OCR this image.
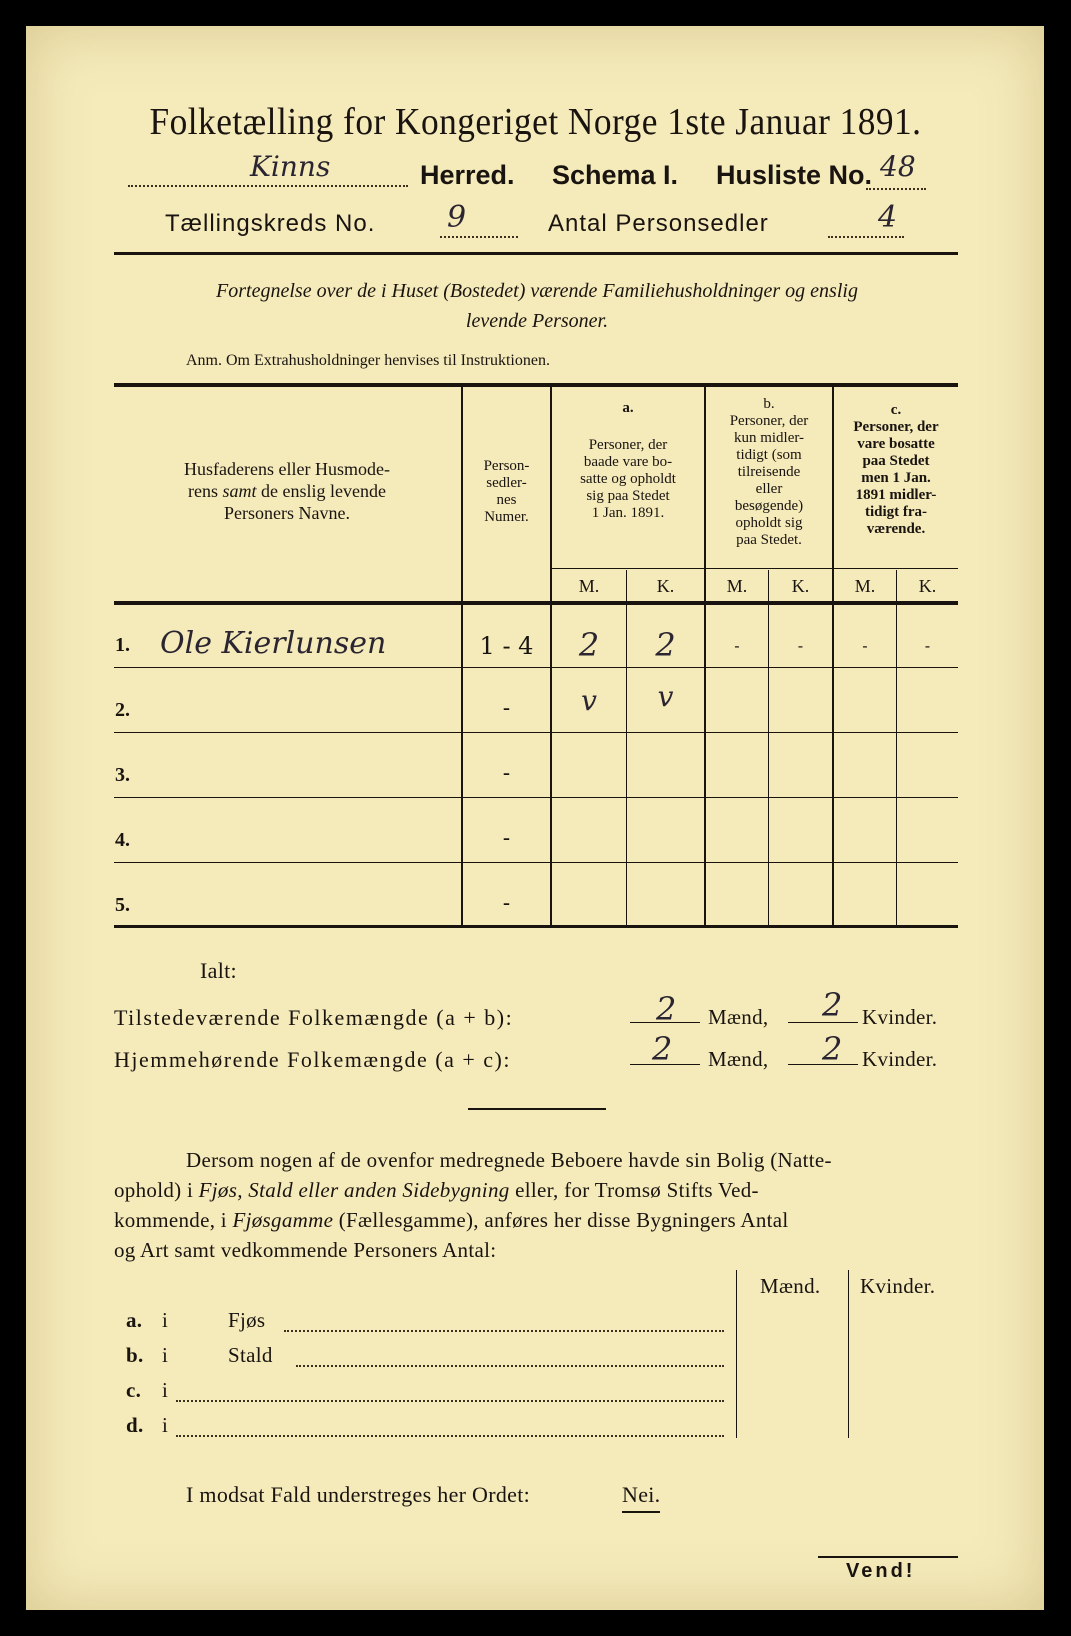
Folketælling for Kongeriget Norge 1ste Januar 1891.
Kinns	Herred. Schema I. Husliste No. 48
Tællingskreds No. 9	Antal Personsedler	4
Fortegnelse over de i Huset (Bostedet) værende Familiehusholdninger og enslig
levende Personer.
Anm. Om Extrahusholdninger henvises til Instruktionen.
Husfaderens eller Husmode-
rens samt de enslig levende
Personers Navne.
Person-
sedler-
nes
Numer.
a.
Personer, der
baade vare bo-
satte og opholdt
sig paa Stedet
1 Jan. 1891.
b.
Personer, der
kun midler-
tidigt (som
tilreisende
eller
besøgende)
opholdt sig
paa Stedet.
c.
Personer, der
vare bosatte
paa Stedet
men 1 Jan.
1891 midler-
tidigt fra-
værende.
M.	K.	M.	K.	M.	K.
1. Ole Kierlunsen	1 - 4	2	2	-	-	-	-
2.	-	v	v
3.	-
4.	-
5.	-
Ialt:
Tilstedeværende Folkemængde (a + b):	2 Mænd, 2 Kvinder.
Hjemmehørende Folkemængde (a + c):	2 Mænd, 2 Kvinder.
Dersom nogen af de ovenfor medregnede Beboere havde sin Bolig (Natte-
ophold) i Fjøs, Stald eller anden Sidebygning eller, for Tromsø Stifts Ved-
kommende, i Fjøsgamme (Fællesgamme), anføres her disse Bygningers Antal
og Art samt vedkommende Personers Antal:
Mænd. Kvinder.
a. i	Fjøs
b. i	Stald
c. i
d. i
I modsat Fald understreges her Ordet:	Nei.
Vend!
